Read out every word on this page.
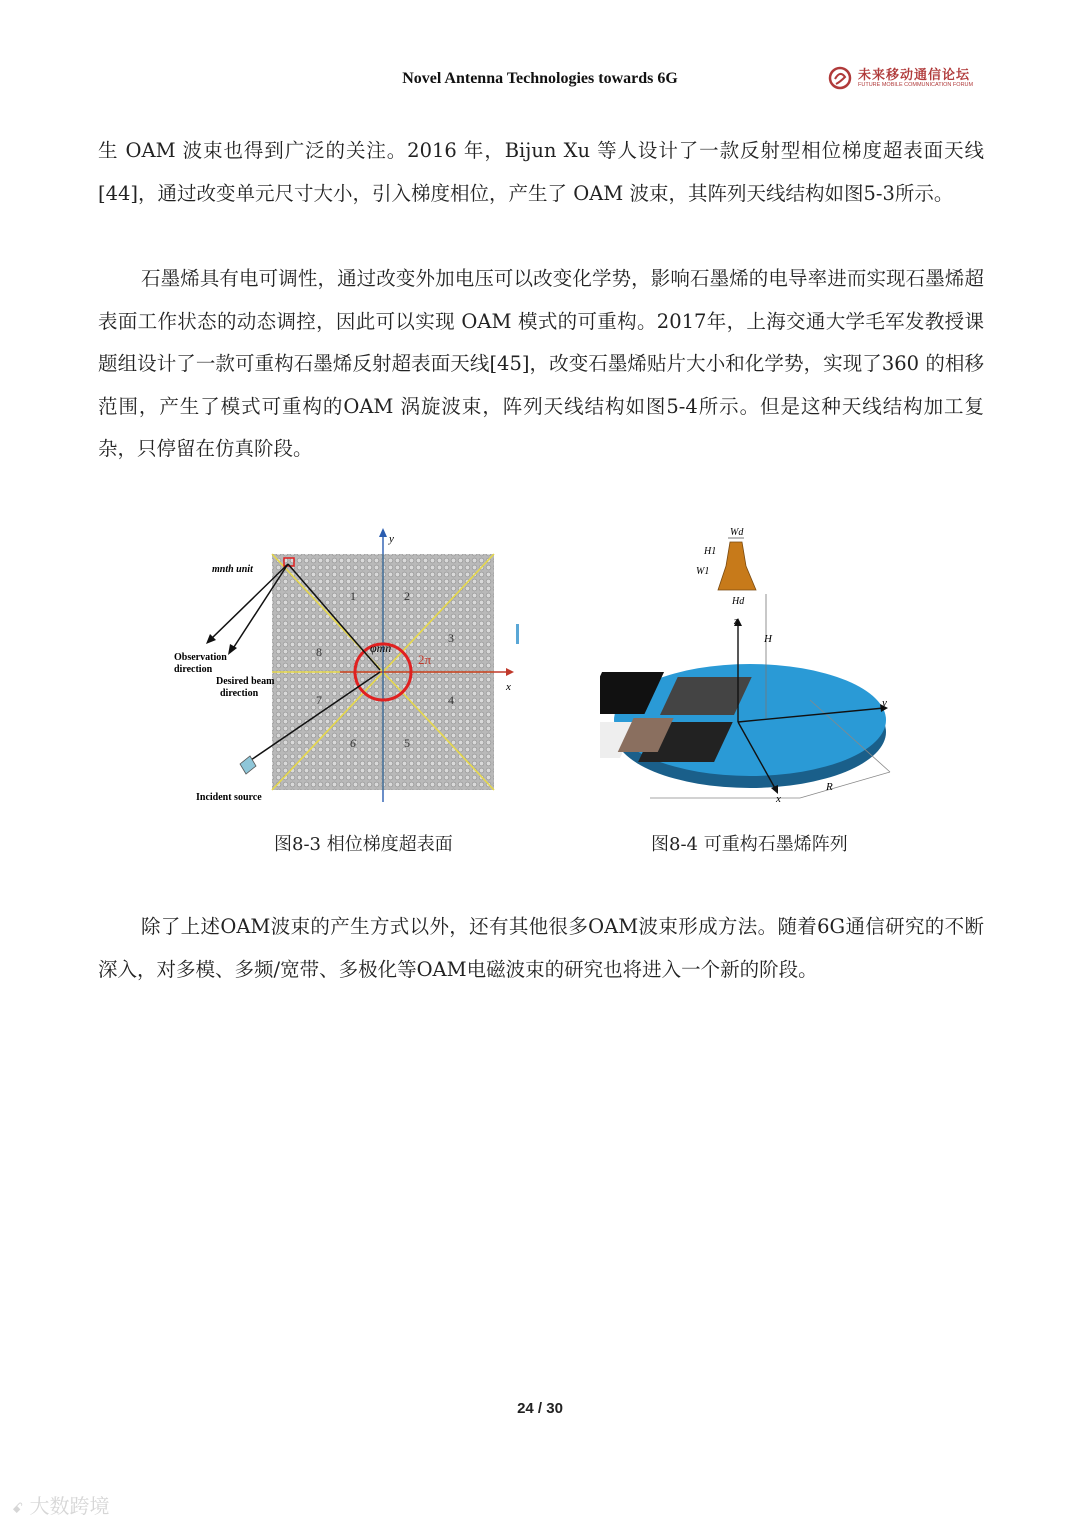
Novel Antenna Technologies towards 6G	未来移动通信论坛
FUTURE MOBILE COMMUNICATION FORUM

生 OAM 波束也得到广泛的关注。2016 年，Bijun Xu 等人设计了一款反射型相位梯度超表面天线[44]，通过改变单元尺寸大小，引入梯度相位，产生了 OAM 波束，其阵列天线结构如图5-3所示。

石墨烯具有电可调性，通过改变外加电压可以改变化学势，影响石墨烯的电导率进而实现石墨烯超表面工作状态的动态调控，因此可以实现 OAM 模式的可重构。2017年，上海交通大学毛军发教授课题组设计了一款可重构石墨烯反射超表面天线[45]，改变石墨烯贴片大小和化学势，实现了360 的相移范围，产生了模式可重构的OAM 涡旋波束，阵列天线结构如图5-4所示。但是这种天线结构加工复杂，只停留在仿真阶段。

mnth unit
Observation
direction
Desired beam
direction
Incident source
x
y
2π
φmn
1	2
3
4
5
6
7
8
Wd
H1
W1
Hd
H
z
y
x
R
图8-3 相位梯度超表面	图8-4 可重构石墨烯阵列

除了上述OAM波束的产生方式以外，还有其他很多OAM波束形成方法。随着6G通信研究的不断深入，对多模、多频/宽带、多极化等OAM电磁波束的研究也将进入一个新的阶段。

24 / 30
ꗃ 大数跨境
